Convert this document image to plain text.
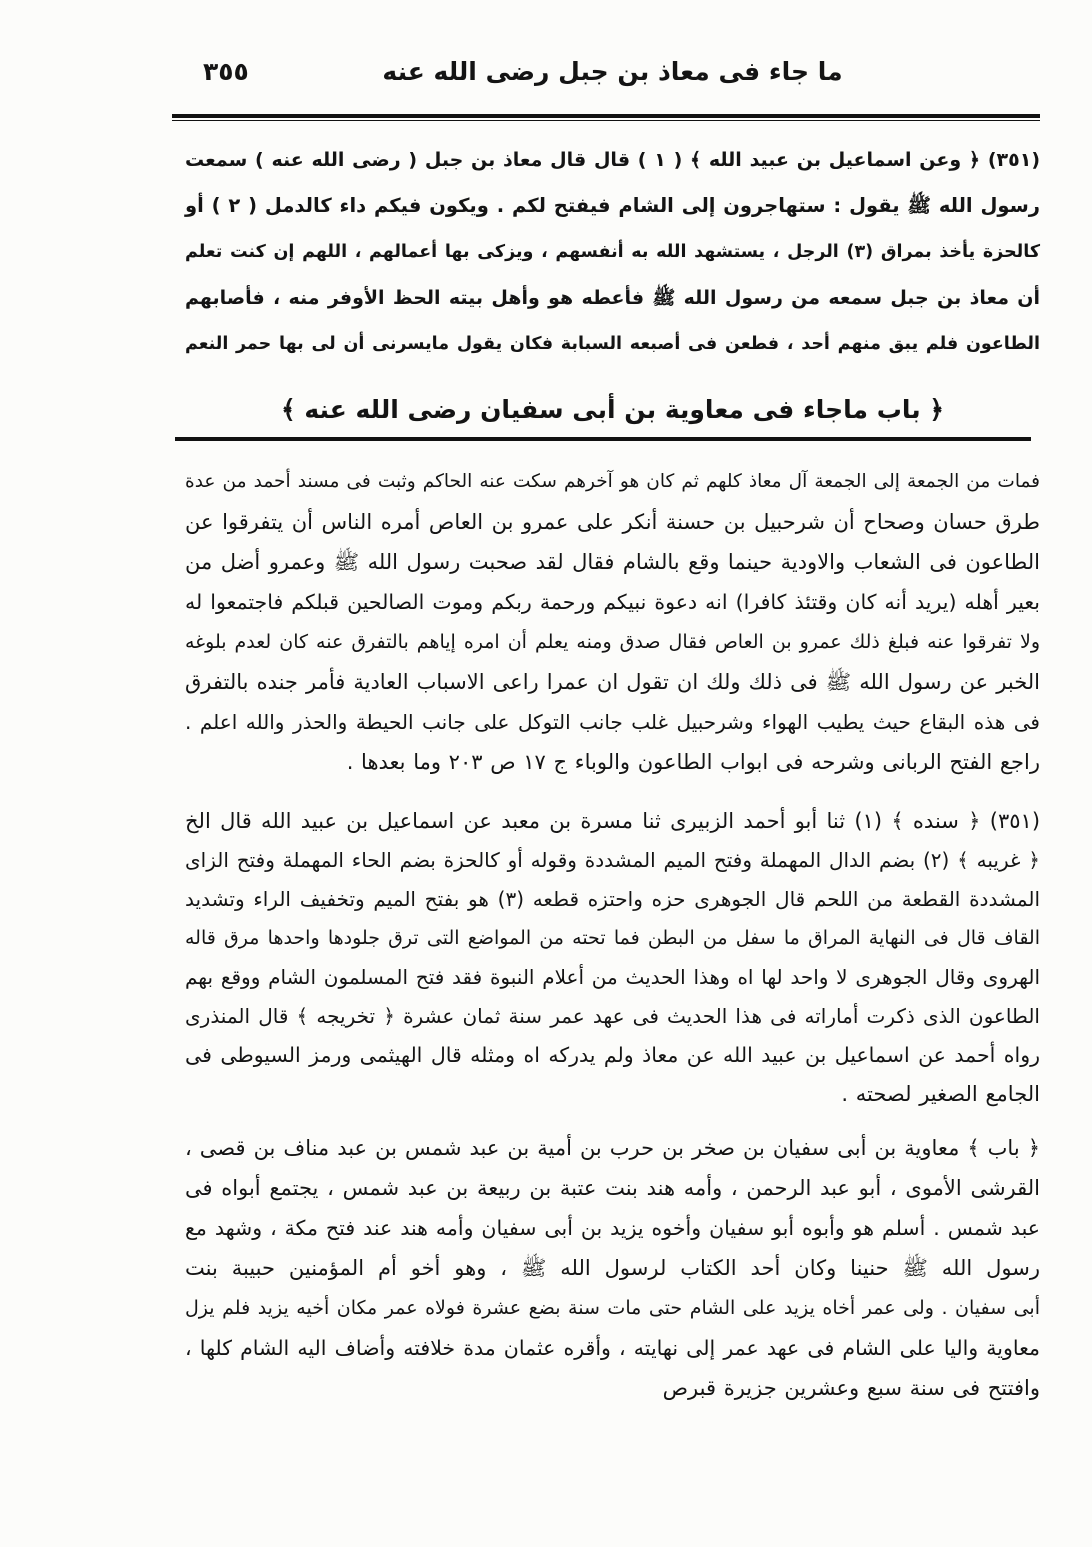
ما جاء فى معاذ بن جبل رضى الله عنه
٣٥٥
(٣٥١) ﴿ وعن اسماعيل بن عبيد الله ﴾ ( ١ ) قال قال معاذ بن جبل ( رضى الله عنه ) سمعت
رسول الله ﷺ يقول : ستهاجرون إلى الشام فيفتح لكم . ويكون فيكم داء كالدمل ( ٢ ) أو
كالحزة يأخذ بمراق (٣) الرجل ، يستشهد الله به أنفسهم ، ويزكى بها أعمالهم ، اللهم إن كنت تعلم
أن معاذ بن جبل سمعه من رسول الله ﷺ فأعطه هو وأهل بيته الحظ الأوفر منه ، فأصابهم
الطاعون فلم يبق منهم أحد ، فطعن فى أصبعه السبابة فكان يقول مايسرنى أن لى بها حمر النعم
﴿ باب ماجاء فى معاوية بن أبى سفيان رضى الله عنه ﴾
فمات من الجمعة إلى الجمعة آل معاذ كلهم ثم كان هو آخرهم سكت عنه الحاكم وثبت فى مسند أحمد من عدة
طرق حسان وصحاح أن شرحبيل بن حسنة أنكر على عمرو بن العاص أمره الناس أن يتفرقوا عن
الطاعون فى الشعاب والاودية حينما وقع بالشام فقال لقد صحبت رسول الله ﷺ وعمرو أضل من
بعير أهله (يريد أنه كان وقتئذ كافرا) انه دعوة نبيكم ورحمة ربكم وموت الصالحين قبلكم فاجتمعوا له
ولا تفرقوا عنه فبلغ ذلك عمرو بن العاص فقال صدق ومنه يعلم أن امره إياهم بالتفرق عنه كان لعدم بلوغه
الخبر عن رسول الله ﷺ فى ذلك ولك ان تقول ان عمرا راعى الاسباب العادية فأمر جنده بالتفرق
فى هذه البقاع حيث يطيب الهواء وشرحبيل غلب جانب التوكل على جانب الحيطة والحذر والله اعلم .
راجع الفتح الربانى وشرحه فى ابواب الطاعون والوباء ج ١٧ ص ٢٠٣ وما بعدها .
(٣٥١) ﴿ سنده ﴾ (١) ثنا أبو أحمد الزبيرى ثنا مسرة بن معبد عن اسماعيل بن عبيد الله قال الخ
﴿ غريبه ﴾ (٢) بضم الدال المهملة وفتح الميم المشددة وقوله أو كالحزة بضم الحاء المهملة وفتح الزاى
المشددة القطعة من اللحم قال الجوهرى حزه واحتزه قطعه (٣) هو بفتح الميم وتخفيف الراء وتشديد
القاف قال فى النهاية المراق ما سفل من البطن فما تحته من المواضع التى ترق جلودها واحدها مرق قاله
الهروى وقال الجوهرى لا واحد لها اه وهذا الحديث من أعلام النبوة فقد فتح المسلمون الشام ووقع بهم
الطاعون الذى ذكرت أماراته فى هذا الحديث فى عهد عمر سنة ثمان عشرة ﴿ تخريجه ﴾ قال المنذرى
رواه أحمد عن اسماعيل بن عبيد الله عن معاذ ولم يدركه اه ومثله قال الهيثمى ورمز السيوطى فى
الجامع الصغير لصحته .
﴿ باب ﴾ معاوية بن أبى سفيان بن صخر بن حرب بن أمية بن عبد شمس بن عبد مناف بن قصى ،
القرشى الأموى ، أبو عبد الرحمن ، وأمه هند بنت عتبة بن ربيعة بن عبد شمس ، يجتمع أبواه فى
عبد شمس . أسلم هو وأبوه أبو سفيان وأخوه يزيد بن أبى سفيان وأمه هند عند فتح مكة ، وشهد مع
رسول الله ﷺ حنينا وكان أحد الكتاب لرسول الله ﷺ ، وهو أخو أم المؤمنين حبيبة بنت
أبى سفيان . ولى عمر أخاه يزيد على الشام حتى مات سنة بضع عشرة فولاه عمر مكان أخيه يزيد فلم يزل
معاوية واليا على الشام فى عهد عمر إلى نهايته ، وأقره عثمان مدة خلافته وأضاف اليه الشام كلها ،
وافتتح فى سنة سبع وعشرين جزيرة قبرص
